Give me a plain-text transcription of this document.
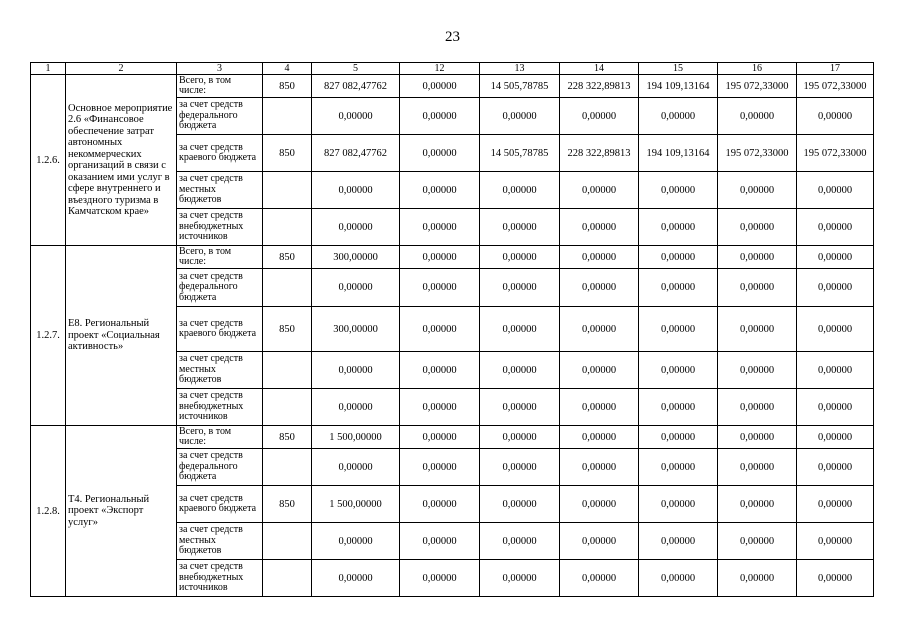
23
1	2	3	4	5	12	13	14	15	16	17
1.2.6.	Основное мероприятие 2.6 «Финансовое обеспечение затрат автономных некоммерческих организаций в связи с оказанием ими услуг в сфере внутреннего и въездного туризма в Камчатском крае»	Всего, в том числе:	850	827 082,47762	0,00000	14 505,78785	228 322,89813	194 109,13164	195 072,33000	195 072,33000
		за счет средств федерального бюджета		0,00000	0,00000	0,00000	0,00000	0,00000	0,00000	0,00000
		за счет средств краевого бюджета	850	827 082,47762	0,00000	14 505,78785	228 322,89813	194 109,13164	195 072,33000	195 072,33000
		за счет средств местных бюджетов		0,00000	0,00000	0,00000	0,00000	0,00000	0,00000	0,00000
		за счет средств внебюджетных источников		0,00000	0,00000	0,00000	0,00000	0,00000	0,00000	0,00000
1.2.7.	Е8. Региональный проект «Социальная активность»	Всего, в том числе:	850	300,00000	0,00000	0,00000	0,00000	0,00000	0,00000	0,00000
		за счет средств федерального бюджета		0,00000	0,00000	0,00000	0,00000	0,00000	0,00000	0,00000
		за счет средств краевого бюджета	850	300,00000	0,00000	0,00000	0,00000	0,00000	0,00000	0,00000
		за счет средств местных бюджетов		0,00000	0,00000	0,00000	0,00000	0,00000	0,00000	0,00000
		за счет средств внебюджетных источников		0,00000	0,00000	0,00000	0,00000	0,00000	0,00000	0,00000
1.2.8.	Т4. Региональный проект «Экспорт услуг»	Всего, в том числе:	850	1 500,00000	0,00000	0,00000	0,00000	0,00000	0,00000	0,00000
		за счет средств федерального бюджета		0,00000	0,00000	0,00000	0,00000	0,00000	0,00000	0,00000
		за счет средств краевого бюджета	850	1 500,00000	0,00000	0,00000	0,00000	0,00000	0,00000	0,00000
		за счет средств местных бюджетов		0,00000	0,00000	0,00000	0,00000	0,00000	0,00000	0,00000
		за счет средств внебюджетных источников		0,00000	0,00000	0,00000	0,00000	0,00000	0,00000	0,00000
